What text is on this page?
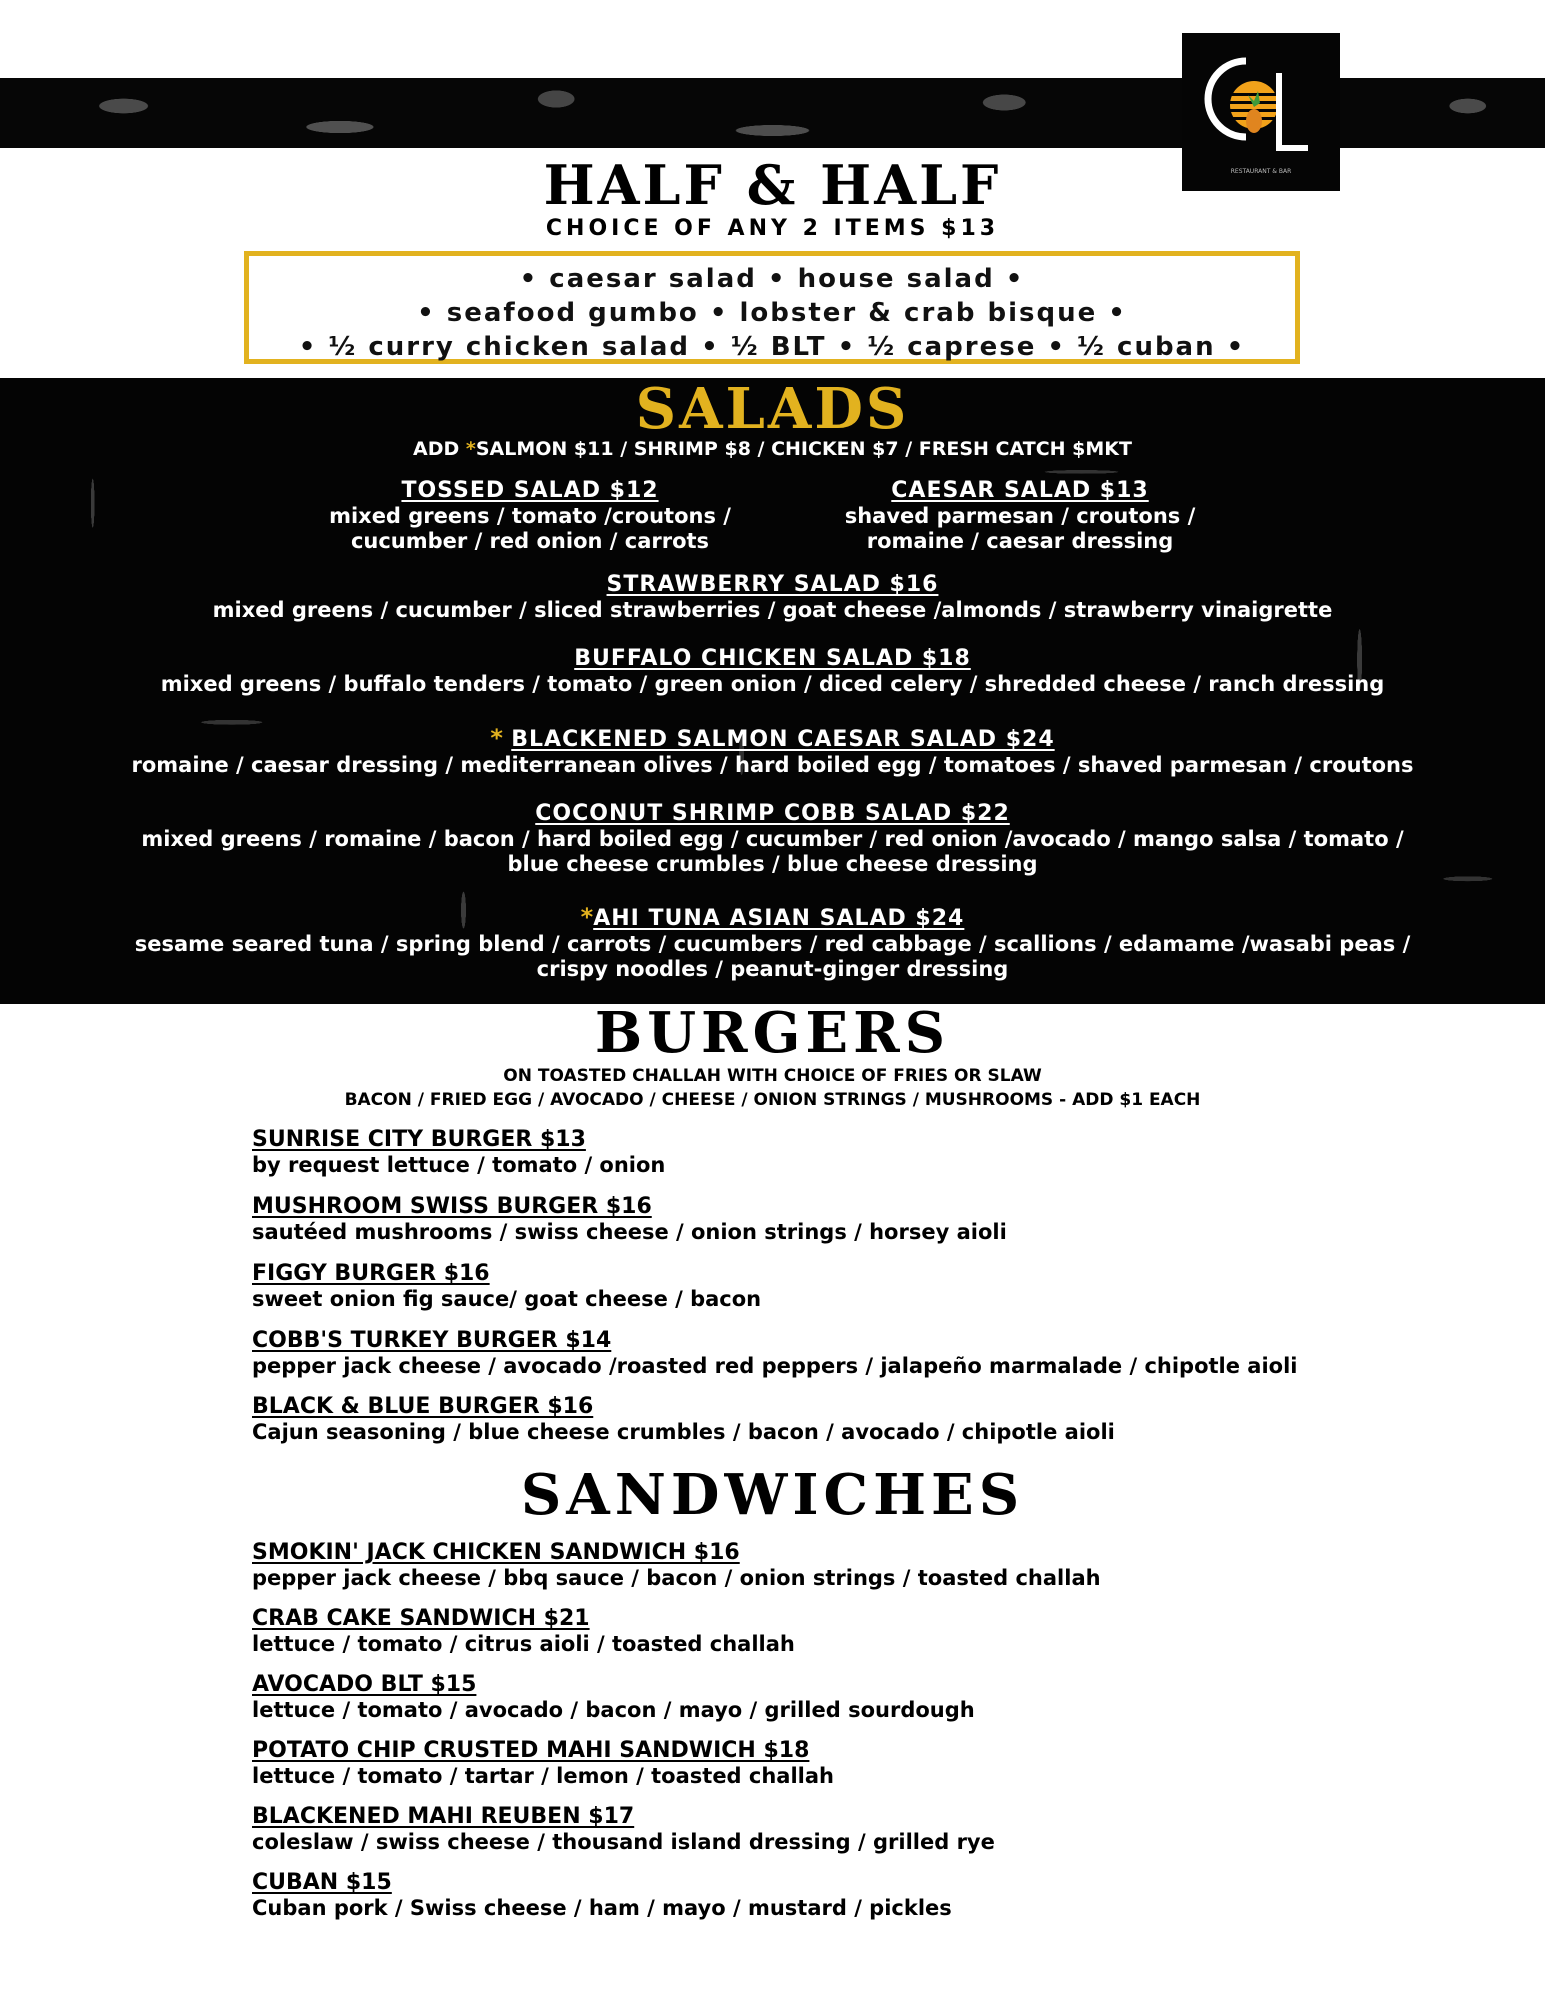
RESTAURANT & BAR
HALF & HALF
CHOICE OF ANY 2 ITEMS $13
• caesar salad • house salad •
• seafood gumbo • lobster & crab bisque •
• ½ curry chicken salad • ½ BLT • ½ caprese • ½ cuban •
SALADS
ADD *SALMON $11 / SHRIMP $8 / CHICKEN $7 / FRESH CATCH $MKT
TOSSED SALAD $12
mixed greens / tomato /croutons /
cucumber / red onion / carrots
CAESAR SALAD $13
shaved parmesan / croutons /
romaine / caesar dressing
STRAWBERRY SALAD $16
mixed greens / cucumber / sliced strawberries / goat cheese /almonds / strawberry vinaigrette
BUFFALO CHICKEN SALAD $18
mixed greens / buffalo tenders / tomato / green onion / diced celery / shredded cheese / ranch dressing
* BLACKENED SALMON CAESAR SALAD $24
romaine / caesar dressing / mediterranean olives / hard boiled egg / tomatoes / shaved parmesan / croutons
COCONUT SHRIMP COBB SALAD $22
mixed greens / romaine / bacon / hard boiled egg / cucumber / red onion /avocado / mango salsa / tomato /
blue cheese crumbles / blue cheese dressing
*AHI TUNA ASIAN SALAD $24
sesame seared tuna / spring blend / carrots / cucumbers / red cabbage / scallions / edamame /wasabi peas /
crispy noodles / peanut-ginger dressing
BURGERS
ON TOASTED CHALLAH WITH CHOICE OF FRIES OR SLAW
BACON / FRIED EGG / AVOCADO / CHEESE / ONION STRINGS / MUSHROOMS - ADD $1 EACH
SUNRISE CITY BURGER $13
by request lettuce / tomato / onion
MUSHROOM SWISS BURGER $16
sautéed mushrooms / swiss cheese / onion strings / horsey aioli
FIGGY BURGER $16
sweet onion fig sauce/ goat cheese / bacon
COBB'S TURKEY BURGER $14
pepper jack cheese / avocado /roasted red peppers / jalapeño marmalade / chipotle aioli
BLACK & BLUE BURGER $16
Cajun seasoning / blue cheese crumbles / bacon / avocado / chipotle aioli
SANDWICHES
SMOKIN' JACK CHICKEN SANDWICH $16
pepper jack cheese / bbq sauce / bacon / onion strings / toasted challah
CRAB CAKE SANDWICH $21
lettuce / tomato / citrus aioli / toasted challah
AVOCADO BLT $15
lettuce / tomato / avocado / bacon / mayo / grilled sourdough
POTATO CHIP CRUSTED MAHI SANDWICH $18
lettuce / tomato / tartar / lemon / toasted challah
BLACKENED MAHI REUBEN $17
coleslaw / swiss cheese / thousand island dressing / grilled rye
CUBAN $15
Cuban pork / Swiss cheese / ham / mayo / mustard / pickles
